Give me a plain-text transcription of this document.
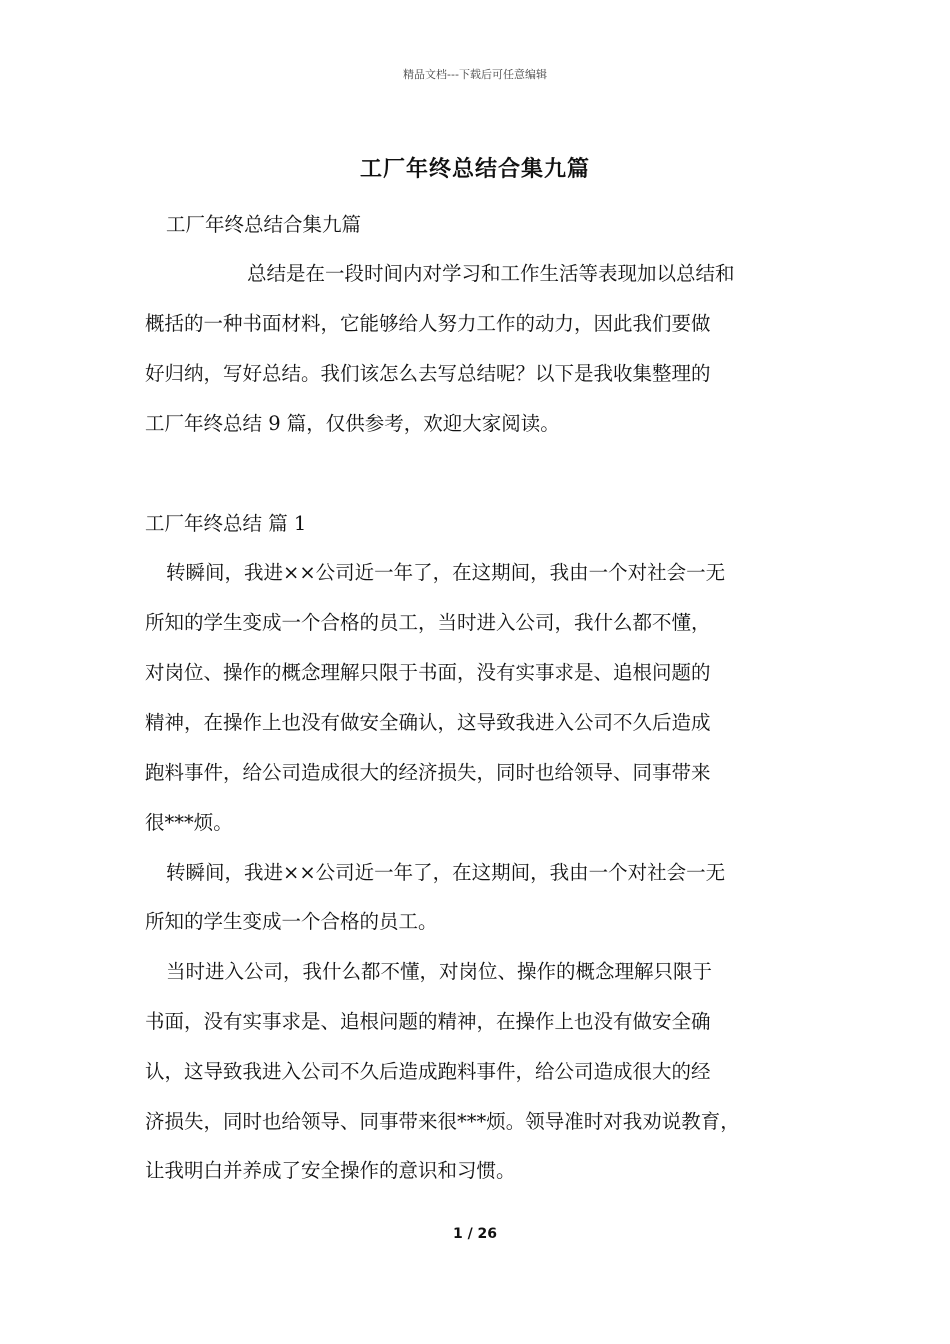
精品文档---下载后可任意编辑
工厂年终总结合集九篇
工厂年终总结合集九篇
总结是在一段时间内对学习和工作生活等表现加以总结和
概括的一种书面材料，它能够给人努力工作的动力，因此我们要做
好归纳，写好总结。我们该怎么去写总结呢？以下是我收集整理的
工厂年终总结 9 篇，仅供参考，欢迎大家阅读。
工厂年终总结 篇 1
转瞬间，我进××公司近一年了，在这期间，我由一个对社会一无
所知的学生变成一个合格的员工，当时进入公司，我什么都不懂，
对岗位、操作的概念理解只限于书面，没有实事求是、追根问题的
精神，在操作上也没有做安全确认，这导致我进入公司不久后造成
跑料事件，给公司造成很大的经济损失，同时也给领导、同事带来
很***烦。
转瞬间，我进××公司近一年了，在这期间，我由一个对社会一无
所知的学生变成一个合格的员工。
当时进入公司，我什么都不懂，对岗位、操作的概念理解只限于
书面，没有实事求是、追根问题的精神，在操作上也没有做安全确
认，这导致我进入公司不久后造成跑料事件，给公司造成很大的经
济损失，同时也给领导、同事带来很***烦。领导准时对我劝说教育，
让我明白并养成了安全操作的意识和习惯。
1 / 26
